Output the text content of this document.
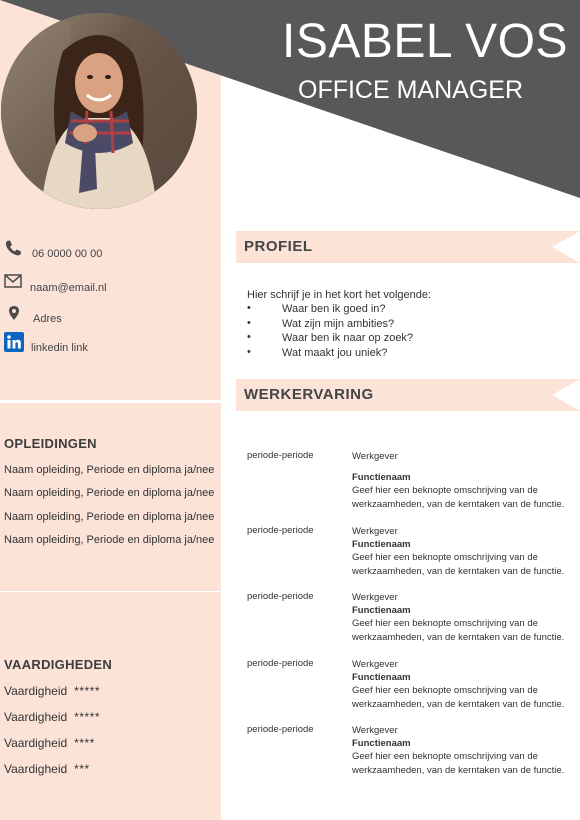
ISABEL VOS
OFFICE MANAGER
06 0000 00 00
naam@email.nl
Adres
linkedin link
OPLEIDINGEN
Naam opleiding, Periode en diploma ja/nee
Naam opleiding, Periode en diploma ja/nee
Naam opleiding, Periode en diploma ja/nee
Naam opleiding, Periode en diploma ja/nee
VAARDIGHEDEN
Vaardigheid *****
Vaardigheid *****
Vaardigheid ****
Vaardigheid ***
PROFIEL
Hier schrijf je in het kort het volgende:
• Waar ben ik goed in?
• Wat zijn mijn ambities?
• Waar ben ik naar op zoek?
• Wat maakt jou uniek?
WERKERVARING
periode-periode	Werkgever
Functienaam
Geef hier een beknopte omschrijving van de werkzaamheden, van de kerntaken van de functie.
periode-periode	Werkgever
Functienaam
Geef hier een beknopte omschrijving van de werkzaamheden, van de kerntaken van de functie.
periode-periode	Werkgever
Functienaam
Geef hier een beknopte omschrijving van de werkzaamheden, van de kerntaken van de functie.
periode-periode	Werkgever
Functienaam
Geef hier een beknopte omschrijving van de werkzaamheden, van de kerntaken van de functie.
periode-periode	Werkgever
Functienaam
Geef hier een beknopte omschrijving van de werkzaamheden, van de kerntaken van de functie.
